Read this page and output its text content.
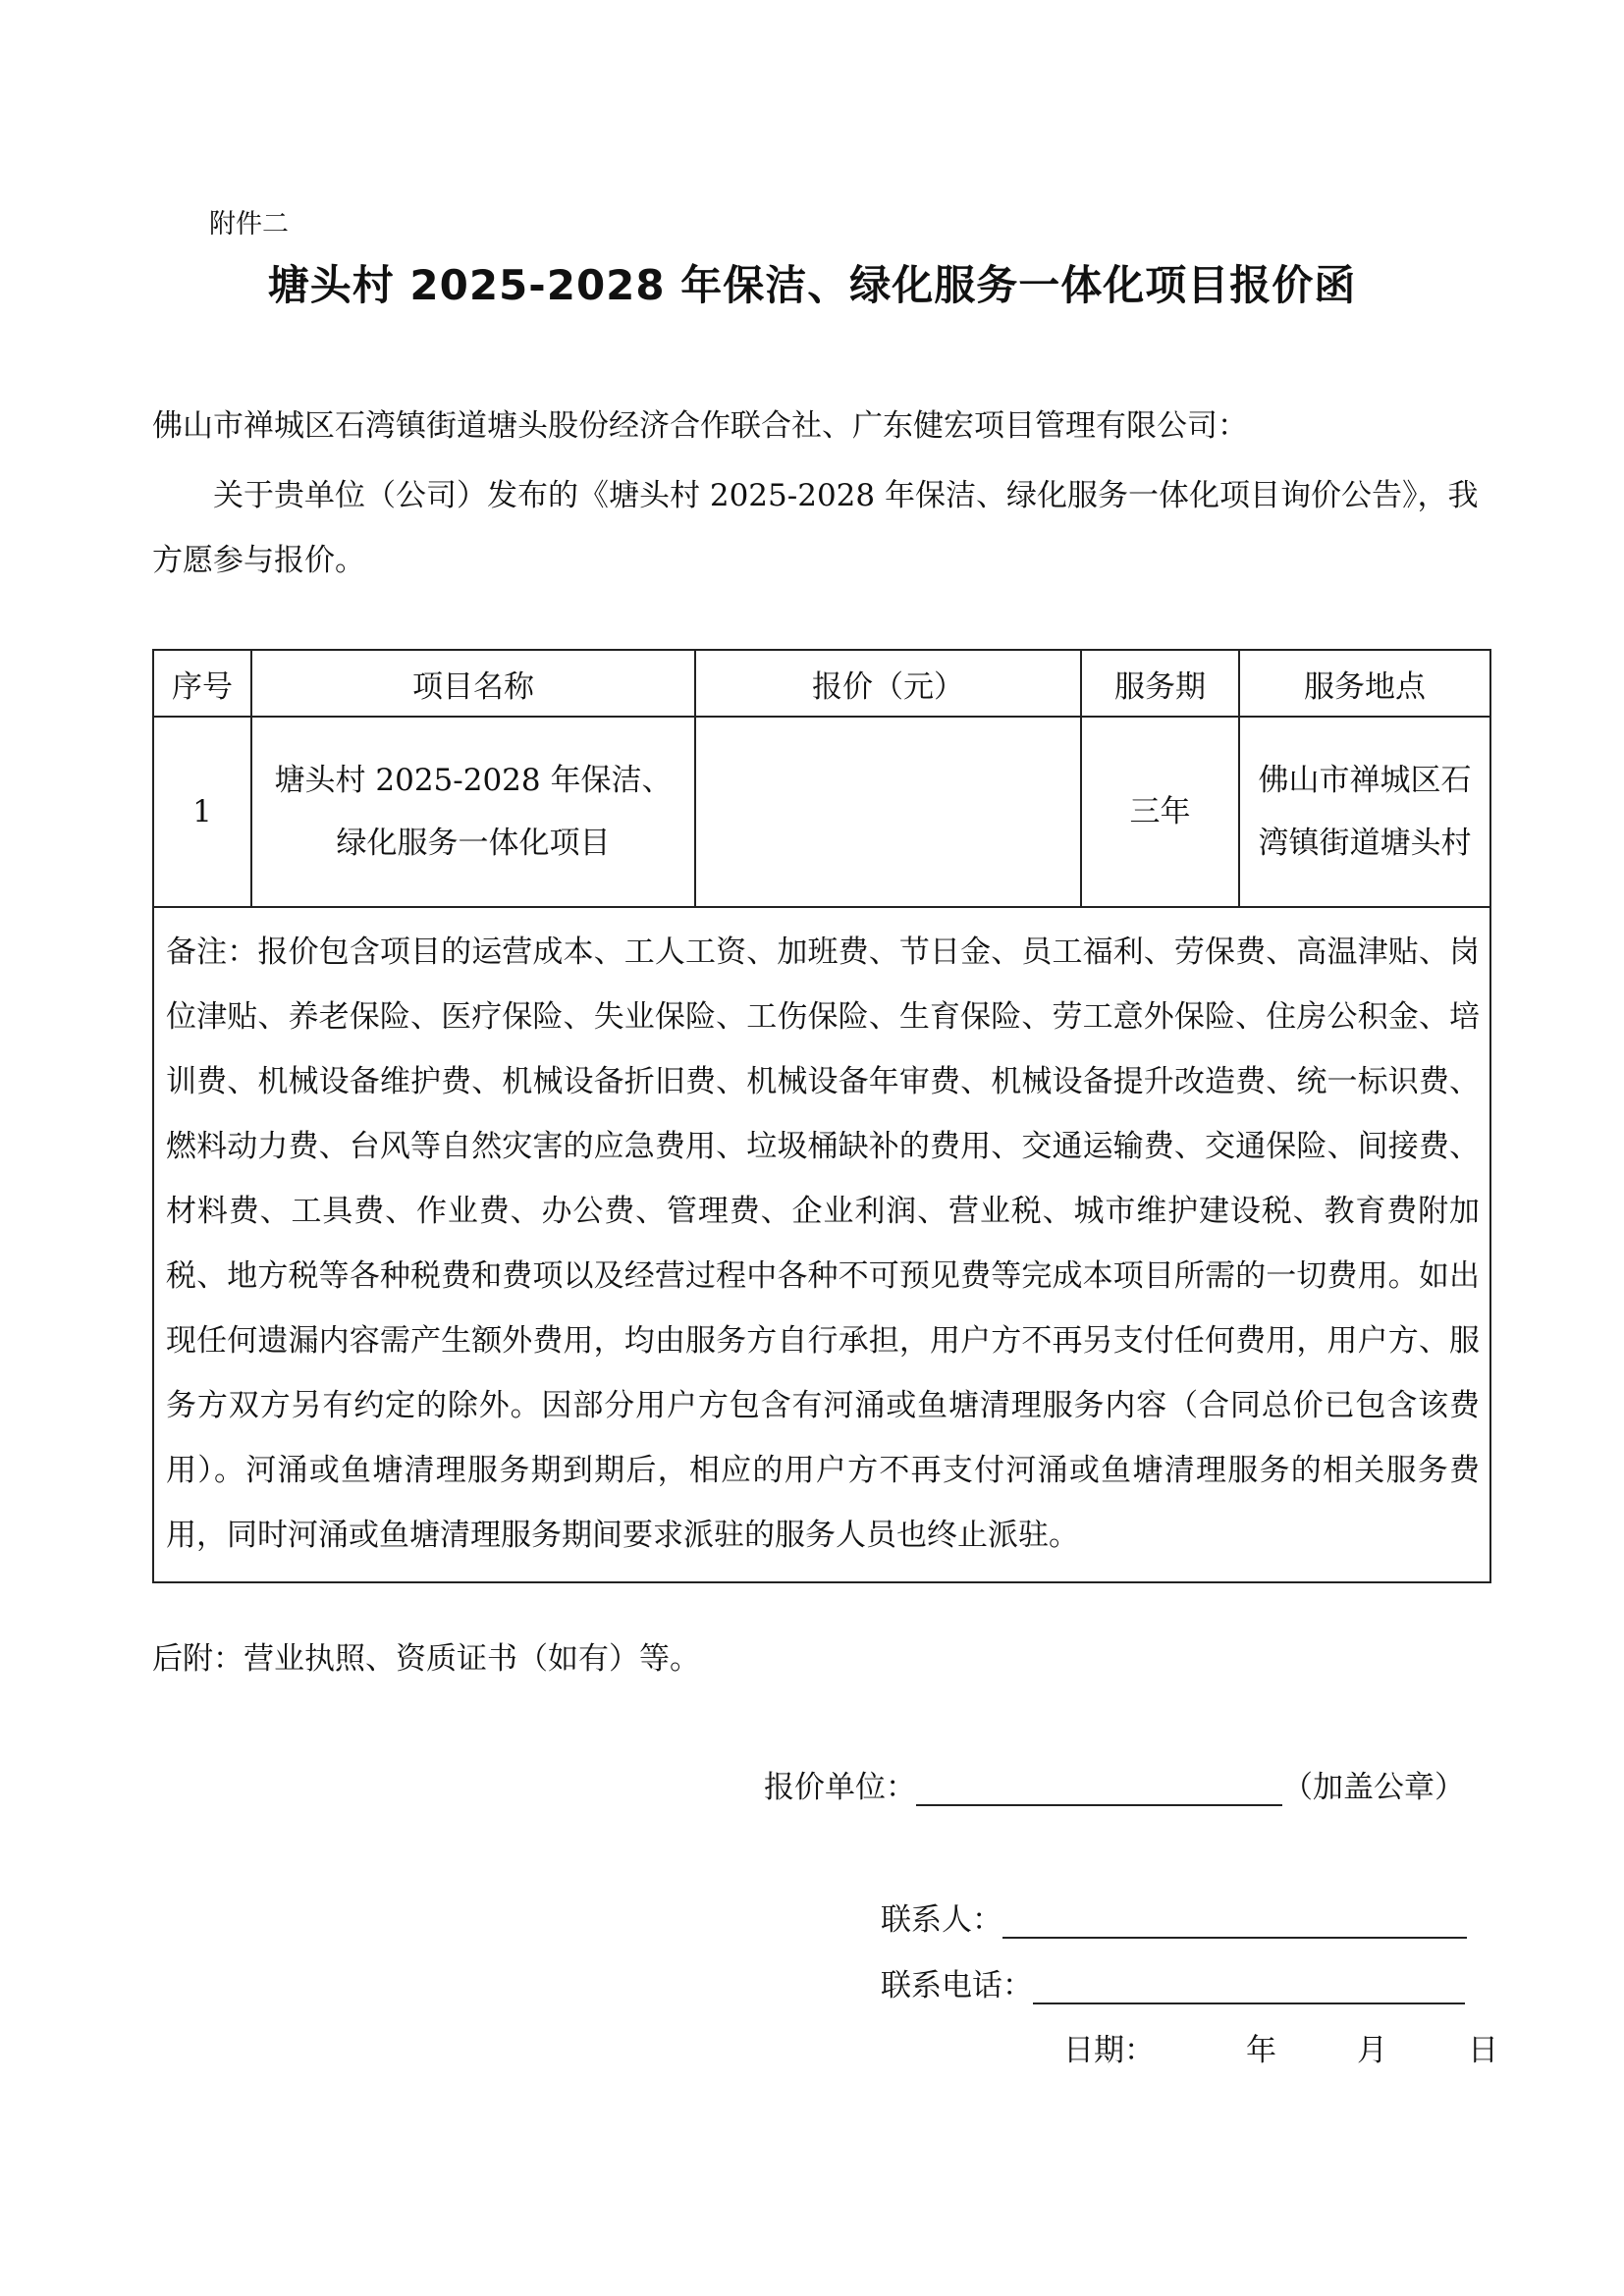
附件二
塘头村 2025-2028 年保洁、绿化服务一体化项目报价函
佛山市禅城区石湾镇街道塘头股份经济合作联合社、广东健宏项目管理有限公司：
关于贵单位（公司）发布的《塘头村 2025-2028 年保洁、绿化服务一体化项目询价公告》，我方愿参与报价。
序号	项目名称	报价（元）	服务期	服务地点
1	塘头村 2025-2028 年保洁、绿化服务一体化项目		三年	佛山市禅城区石湾镇街道塘头村
备注：报价包含项目的运营成本、工人工资、加班费、节日金、员工福利、劳保费、高温津贴、岗位津贴、养老保险、医疗保险、失业保险、工伤保险、生育保险、劳工意外保险、住房公积金、培训费、机械设备维护费、机械设备折旧费、机械设备年审费、机械设备提升改造费、统一标识费、燃料动力费、台风等自然灾害的应急费用、垃圾桶缺补的费用、交通运输费、交通保险、间接费、材料费、工具费、作业费、办公费、管理费、企业利润、营业税、城市维护建设税、教育费附加税、地方税等各种税费和费项以及经营过程中各种不可预见费等完成本项目所需的一切费用。如出现任何遗漏内容需产生额外费用，均由服务方自行承担，用户方不再另支付任何费用，用户方、服务方双方另有约定的除外。因部分用户方包含有河涌或鱼塘清理服务内容（合同总价已包含该费用）。河涌或鱼塘清理服务期到期后，相应的用户方不再支付河涌或鱼塘清理服务的相关服务费用，同时河涌或鱼塘清理服务期间要求派驻的服务人员也终止派驻。				
后附：营业执照、资质证书（如有）等。
报价单位：	（加盖公章）
联系人：
联系电话：
日期：	年	月	日
